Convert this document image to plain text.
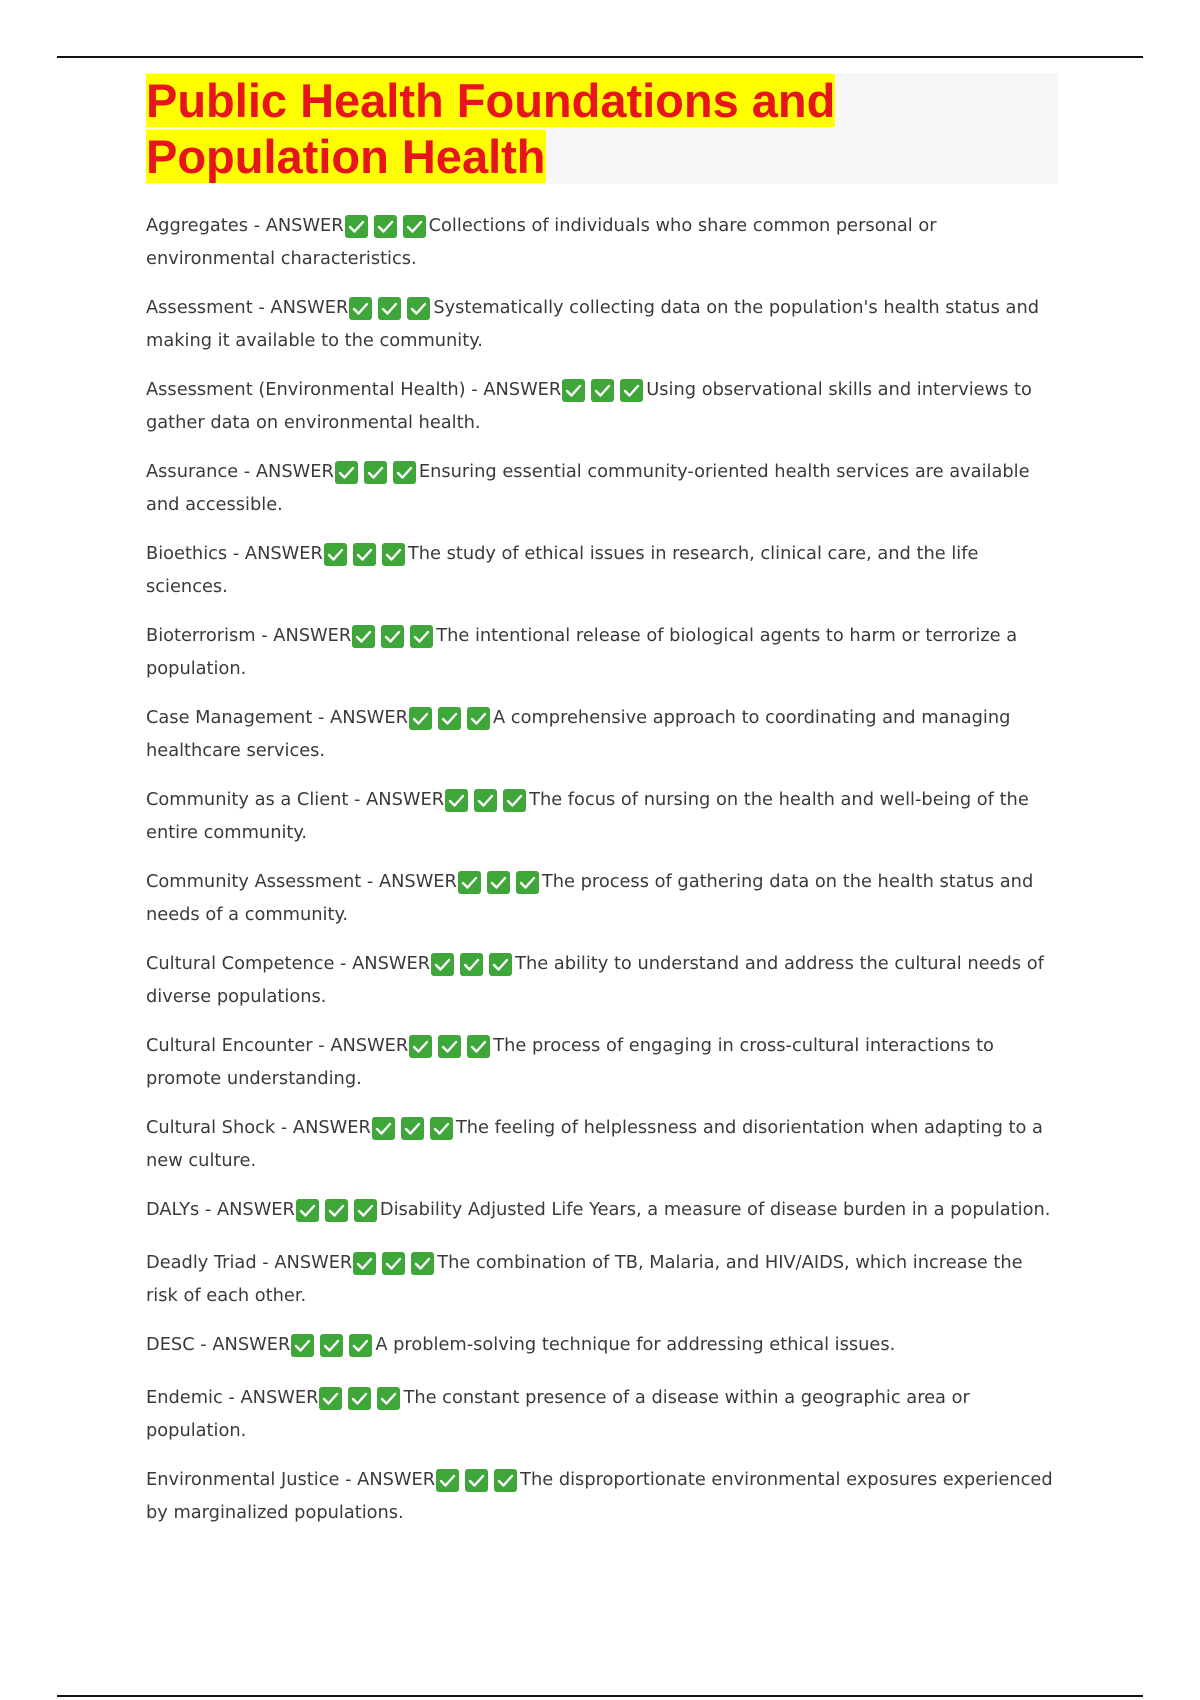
Public Health Foundations and
Population Health
Aggregates - ANSWER	Collections of individuals who share common personal or environmental characteristics.
Assessment - ANSWER	Systematically collecting data on the population's health status and making it available to the community.
Assessment (Environmental Health) - ANSWER	Using observational skills and interviews to gather data on environmental health.
Assurance - ANSWER	Ensuring essential community-oriented health services are available and accessible.
Bioethics - ANSWER	The study of ethical issues in research, clinical care, and the life sciences.
Bioterrorism - ANSWER	The intentional release of biological agents to harm or terrorize a population.
Case Management - ANSWER	A comprehensive approach to coordinating and managing healthcare services.
Community as a Client - ANSWER	The focus of nursing on the health and well-being of the entire community.
Community Assessment - ANSWER	The process of gathering data on the health status and needs of a community.
Cultural Competence - ANSWER	The ability to understand and address the cultural needs of diverse populations.
Cultural Encounter - ANSWER	The process of engaging in cross-cultural interactions to promote understanding.
Cultural Shock - ANSWER	The feeling of helplessness and disorientation when adapting to a new culture.
DALYs - ANSWER	Disability Adjusted Life Years, a measure of disease burden in a population.
Deadly Triad - ANSWER	The combination of TB, Malaria, and HIV/AIDS, which increase the risk of each other.
DESC - ANSWER	A problem-solving technique for addressing ethical issues.
Endemic - ANSWER	The constant presence of a disease within a geographic area or population.
Environmental Justice - ANSWER	The disproportionate environmental exposures experienced by marginalized populations.
